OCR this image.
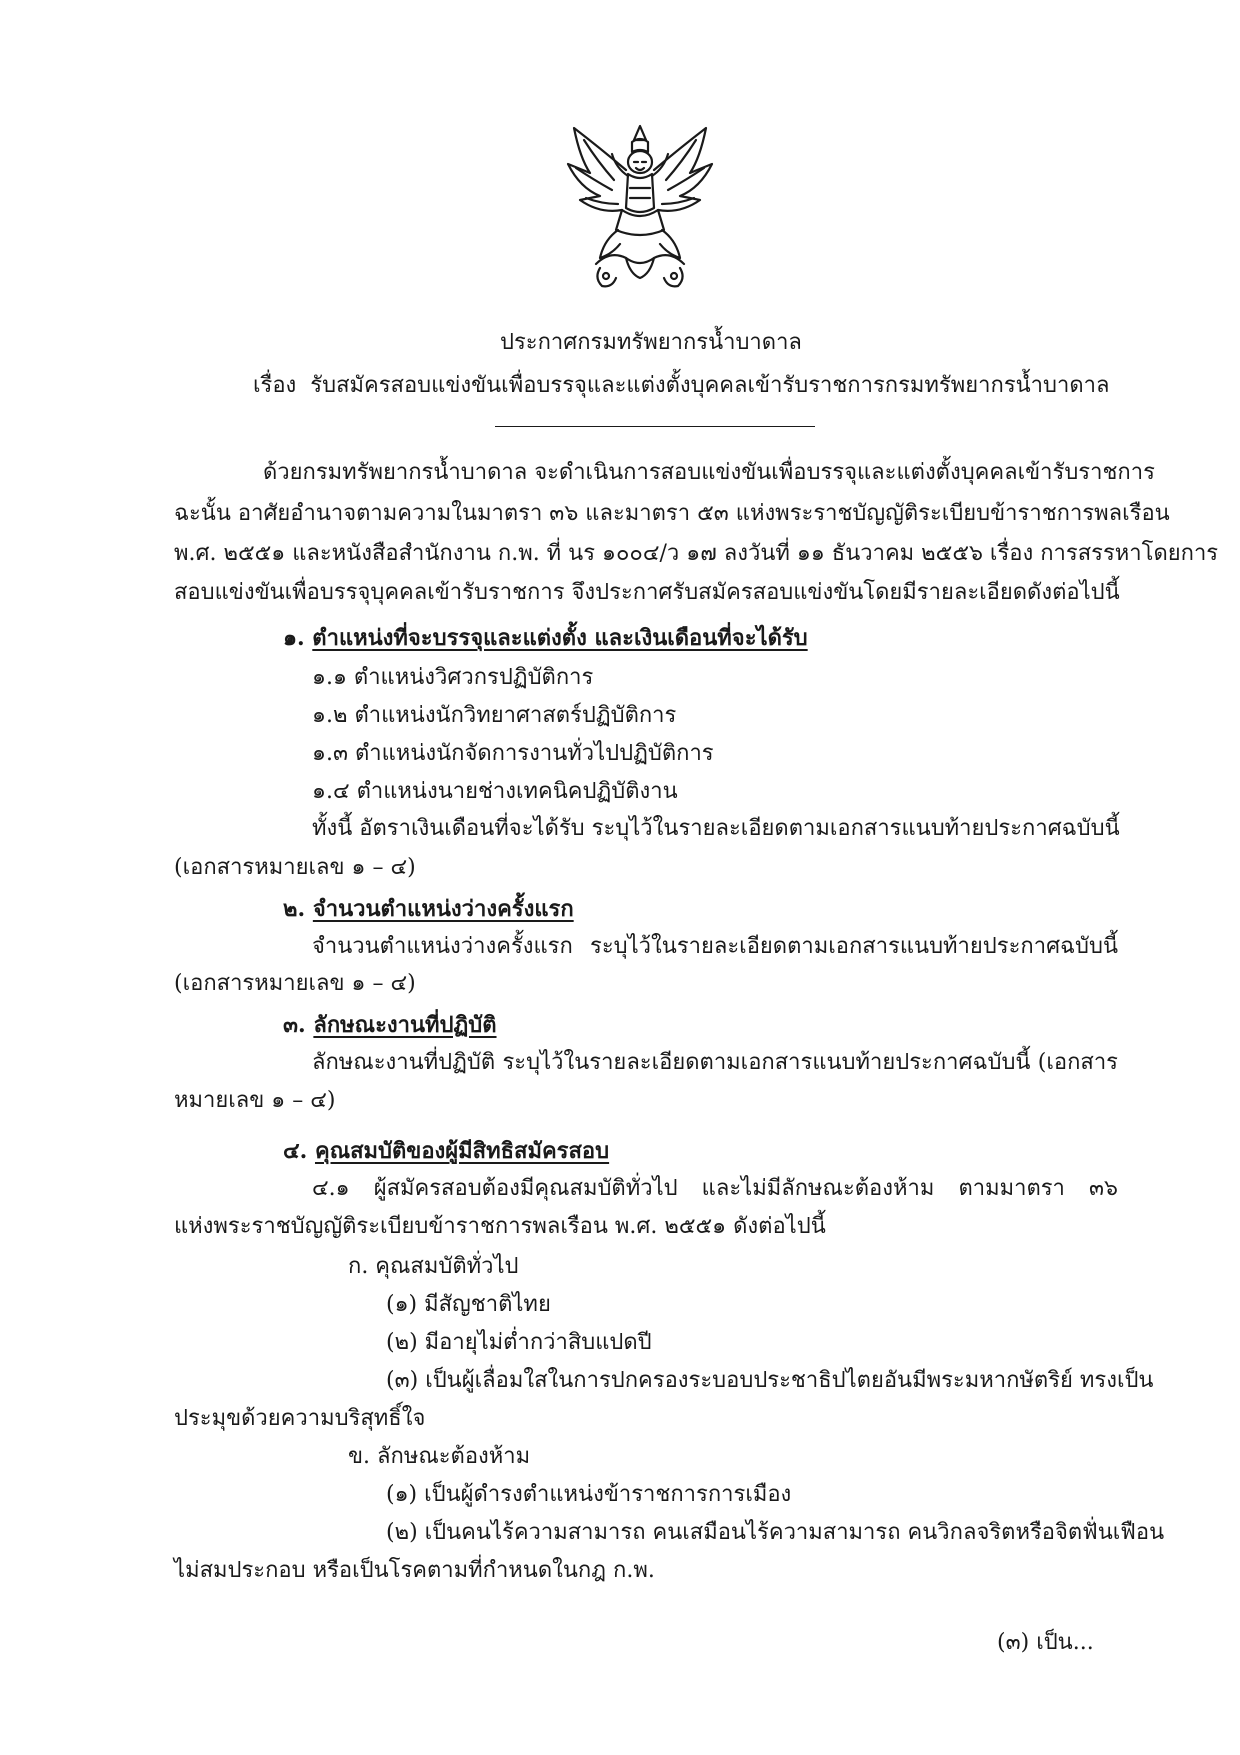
ประกาศกรมทรัพยากรน้ำบาดาล
เรื่อง รับสมัครสอบแข่งขันเพื่อบรรจุและแต่งตั้งบุคคลเข้ารับราชการกรมทรัพยากรน้ำบาดาล
ด้วยกรมทรัพยากรน้ำบาดาล จะดำเนินการสอบแข่งขันเพื่อบรรจุและแต่งตั้งบุคคลเข้ารับราชการ
ฉะนั้น อาศัยอำนาจตามความในมาตรา ๓๖ และมาตรา ๕๓ แห่งพระราชบัญญัติระเบียบข้าราชการพลเรือน
พ.ศ. ๒๕๕๑ และหนังสือสำนักงาน ก.พ. ที่ นร ๑๐๐๔/ว ๑๗ ลงวันที่ ๑๑ ธันวาคม ๒๕๕๖ เรื่อง การสรรหาโดยการ
สอบแข่งขันเพื่อบรรจุบุคคลเข้ารับราชการ จึงประกาศรับสมัครสอบแข่งขันโดยมีรายละเอียดดังต่อไปนี้
๑. ตำแหน่งที่จะบรรจุและแต่งตั้ง และเงินเดือนที่จะได้รับ
๑.๑ ตำแหน่งวิศวกรปฏิบัติการ
๑.๒ ตำแหน่งนักวิทยาศาสตร์ปฏิบัติการ
๑.๓ ตำแหน่งนักจัดการงานทั่วไปปฏิบัติการ
๑.๔ ตำแหน่งนายช่างเทคนิคปฏิบัติงาน
ทั้งนี้ อัตราเงินเดือนที่จะได้รับ ระบุไว้ในรายละเอียดตามเอกสารแนบท้ายประกาศฉบับนี้
(เอกสารหมายเลข ๑ – ๔)
๒. จำนวนตำแหน่งว่างครั้งแรก
จำนวนตำแหน่งว่างครั้งแรก ระบุไว้ในรายละเอียดตามเอกสารแนบท้ายประกาศฉบับนี้
(เอกสารหมายเลข ๑ – ๔)
๓. ลักษณะงานที่ปฏิบัติ
ลักษณะงานที่ปฏิบัติ ระบุไว้ในรายละเอียดตามเอกสารแนบท้ายประกาศฉบับนี้ (เอกสาร
หมายเลข ๑ – ๔)
๔. คุณสมบัติของผู้มีสิทธิสมัครสอบ
๔.๑ ผู้สมัครสอบต้องมีคุณสมบัติทั่วไป และไม่มีลักษณะต้องห้าม ตามมาตรา ๓๖
แห่งพระราชบัญญัติระเบียบข้าราชการพลเรือน พ.ศ. ๒๕๕๑ ดังต่อไปนี้
ก. คุณสมบัติทั่วไป
(๑) มีสัญชาติไทย
(๒) มีอายุไม่ต่ำกว่าสิบแปดปี
(๓) เป็นผู้เลื่อมใสในการปกครองระบอบประชาธิปไตยอันมีพระมหากษัตริย์ ทรงเป็น
ประมุขด้วยความบริสุทธิ์ใจ
ข. ลักษณะต้องห้าม
(๑) เป็นผู้ดำรงตำแหน่งข้าราชการการเมือง
(๒) เป็นคนไร้ความสามารถ คนเสมือนไร้ความสามารถ คนวิกลจริตหรือจิตฟั่นเฟือน
ไม่สมประกอบ หรือเป็นโรคตามที่กำหนดในกฎ ก.พ.
(๓) เป็น...
